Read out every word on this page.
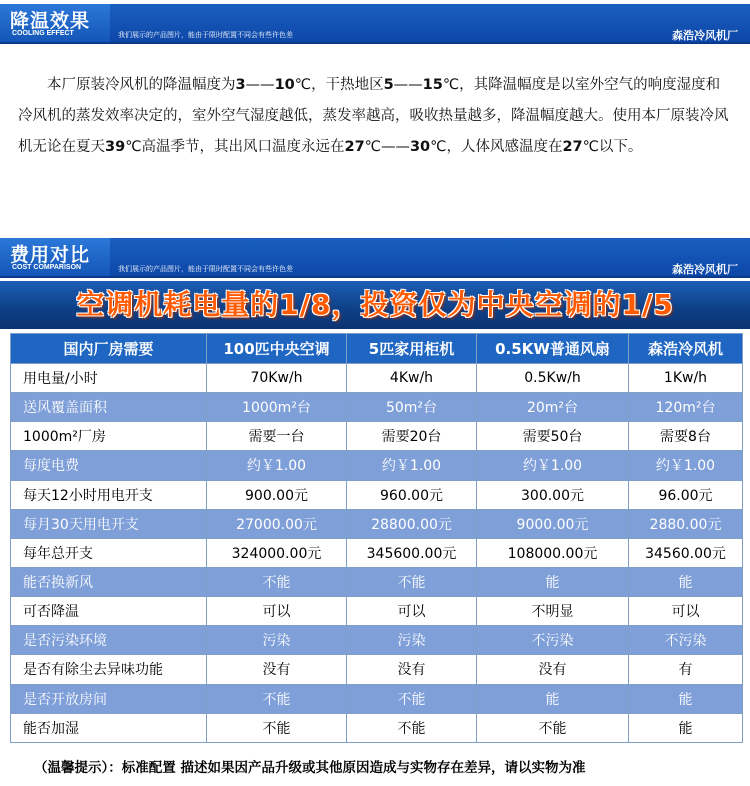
降温效果
COOLING EFFECT	我们展示的产品图片，能由于限时配置不同会有些许色差	森浩冷风机厂
本厂原装冷风机的降温幅度为3——10℃，干热地区5——15℃，其降温幅度是以室外空气的响度湿度和冷风机的蒸发效率决定的，室外空气湿度越低，蒸发率越高，吸收热量越多，降温幅度越大。使用本厂原装冷风机无论在夏天39℃高温季节，其出风口温度永远在27℃——30℃，人体风感温度在27℃以下。
费用对比
COST COMPARISON	我们展示的产品图片，能由于限时配置不同会有些许色差	森浩冷风机厂
空调机耗电量的1/8，投资仅为中央空调的1/5
国内厂房需要	100匹中央空调	5匹家用柜机	0.5KW普通风扇	森浩冷风机
用电量/小时	70Kw/h	4Kw/h	0.5Kw/h	1Kw/h
送风覆盖面积	1000m²台	50m²台	20m²台	120m²台
1000m²厂房	需要一台	需要20台	需要50台	需要8台
每度电费	约￥1.00	约￥1.00	约￥1.00	约￥1.00
每天12小时用电开支	900.00元	960.00元	300.00元	96.00元
每月30天用电开支	27000.00元	28800.00元	9000.00元	2880.00元
每年总开支	324000.00元	345600.00元	108000.00元	34560.00元
能否换新风	不能	不能	能	能
可否降温	可以	可以	不明显	可以
是否污染环境	污染	污染	不污染	不污染
是否有除尘去异味功能	没有	没有	没有	有
是否开放房间	不能	不能	能	能
能否加湿	不能	不能	不能	能
（温馨提示）：标准配置 描述如果因产品升级或其他原因造成与实物存在差异，请以实物为准
